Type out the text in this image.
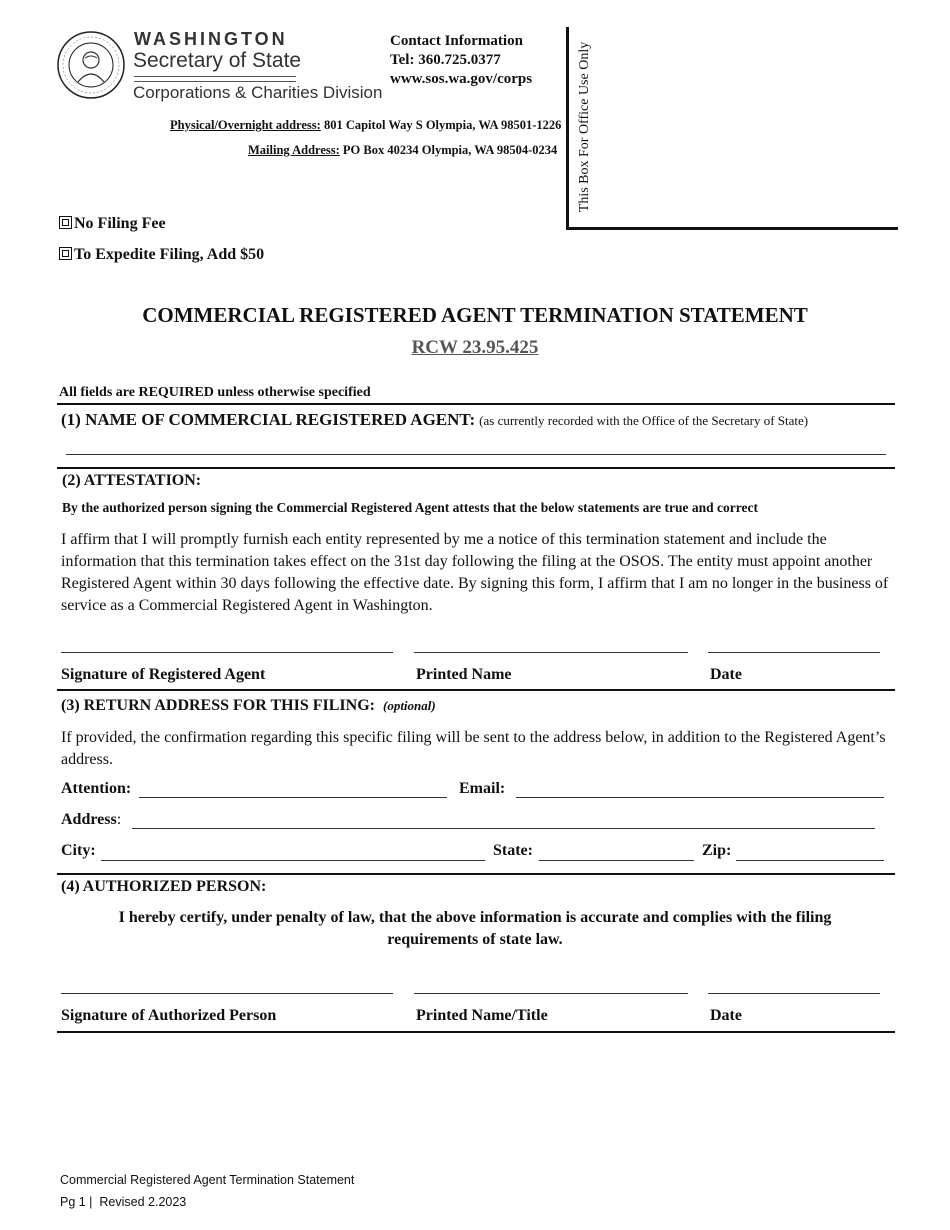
WASHINGTON
Secretary of State
Corporations & Charities Division
Contact Information
Tel: 360.725.0377
www.sos.wa.gov/corps
Physical/Overnight address: 801 Capitol Way S Olympia, WA 98501-1226
Mailing Address: PO Box 40234 Olympia, WA 98504-0234 This Box For Office Use Only
No Filing Fee
To Expedite Filing, Add $50
COMMERCIAL REGISTERED AGENT TERMINATION STATEMENT
RCW 23.95.425
All fields are REQUIRED unless otherwise specified
(1) NAME OF COMMERCIAL REGISTERED AGENT: (as currently recorded with the Office of the Secretary of State)
(2) ATTESTATION:
By the authorized person signing the Commercial Registered Agent attests that the below statements are true and correct
I affirm that I will promptly furnish each entity represented by me a notice of this termination statement and include the information that this termination takes effect on the 31st day following the filing at the OSOS. The entity must appoint another Registered Agent within 30 days following the effective date. By signing this form, I affirm that I am no longer in the business of service as a Commercial Registered Agent in Washington.
Signature of Registered Agent	Printed Name	Date
(3) RETURN ADDRESS FOR THIS FILING: (optional)
If provided, the confirmation regarding this specific filing will be sent to the address below, in addition to the Registered Agent’s address.
Attention:	Email:
Address:
City:	State:	Zip:
(4) AUTHORIZED PERSON:
I hereby certify, under penalty of law, that the above information is accurate and complies with the filing requirements of state law.
Signature of Authorized Person	Printed Name/Title	Date
Commercial Registered Agent Termination Statement
Pg 1 |  Revised 2.2023
